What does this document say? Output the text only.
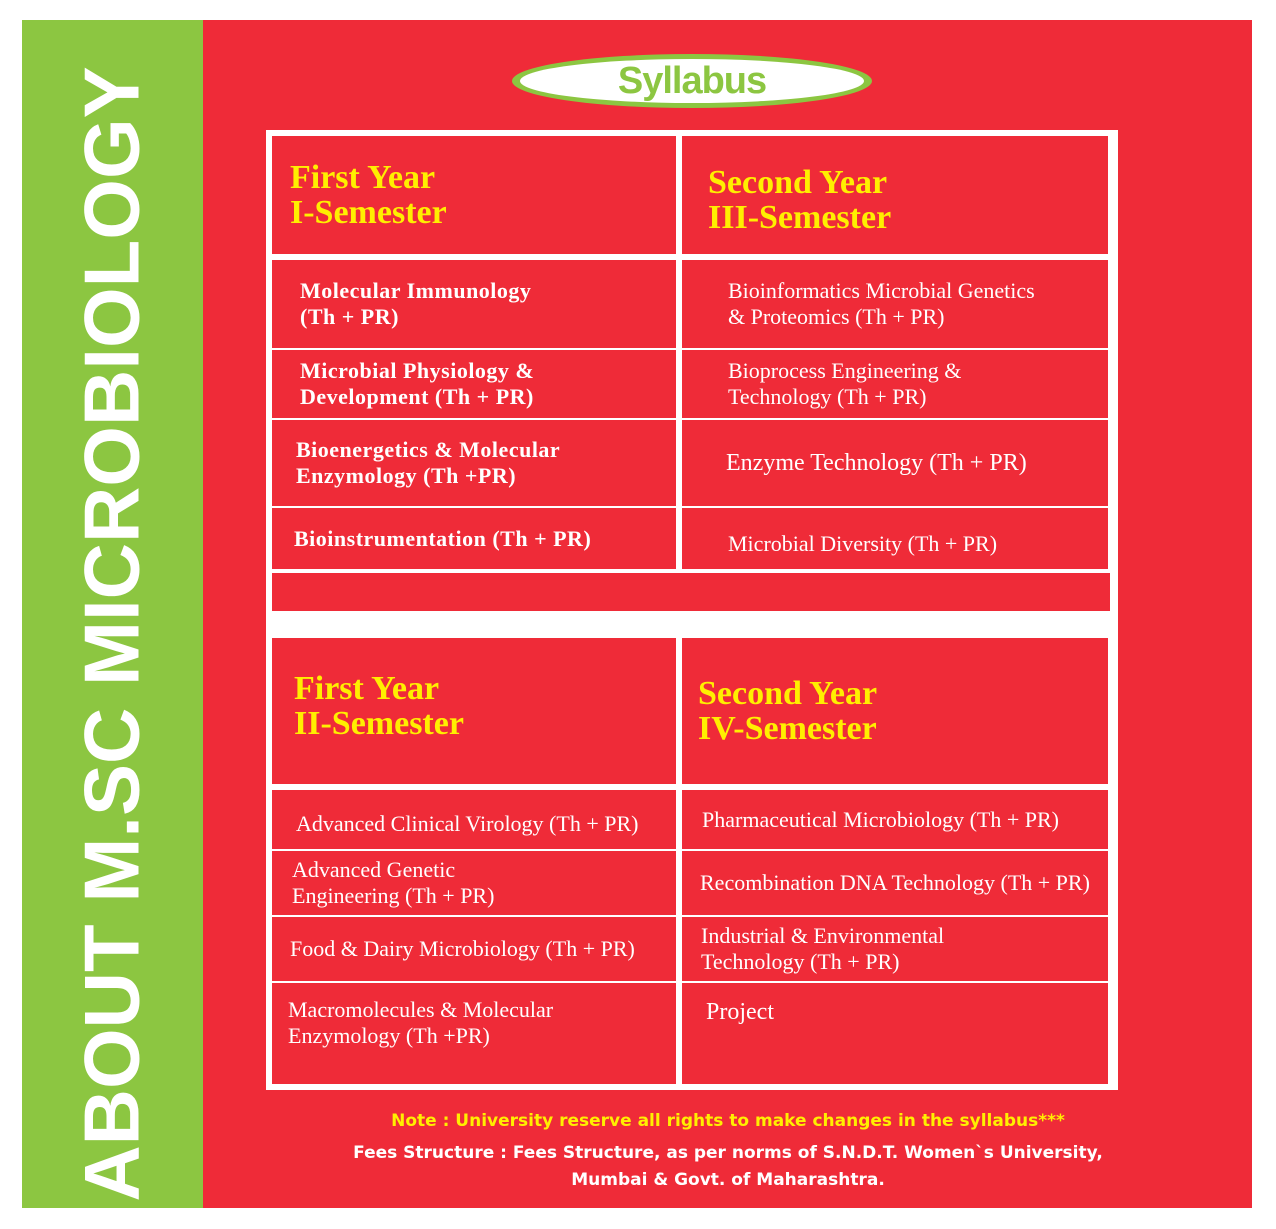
ABOUT M.SC MICROBIOLOGY	Syllabus
First Year
I-Semester
Second Year
III-Semester
Molecular Immunology
(Th + PR)
Microbial Physiology &
Development (Th + PR)
Bioenergetics & Molecular
Enzymology (Th +PR)
Bioinstrumentation (Th + PR)
Bioinformatics Microbial Genetics
& Proteomics (Th + PR)
Bioprocess Engineering &
Technology (Th + PR)
Enzyme Technology (Th + PR)
Microbial Diversity (Th + PR)
First Year
II-Semester
Second Year
IV-Semester
Advanced Clinical Virology (Th + PR)
Advanced Genetic
Engineering (Th + PR)
Food & Dairy Microbiology (Th + PR)
Macromolecules & Molecular
Enzymology (Th +PR)
Pharmaceutical Microbiology (Th + PR)
Recombination DNA Technology (Th + PR)
Industrial & Environmental
Technology (Th + PR)
Project
Note : University reserve all rights to make changes in the syllabus***
Fees Structure : Fees Structure, as per norms of S.N.D.T. Women`s University,
Mumbai & Govt. of Maharashtra.
